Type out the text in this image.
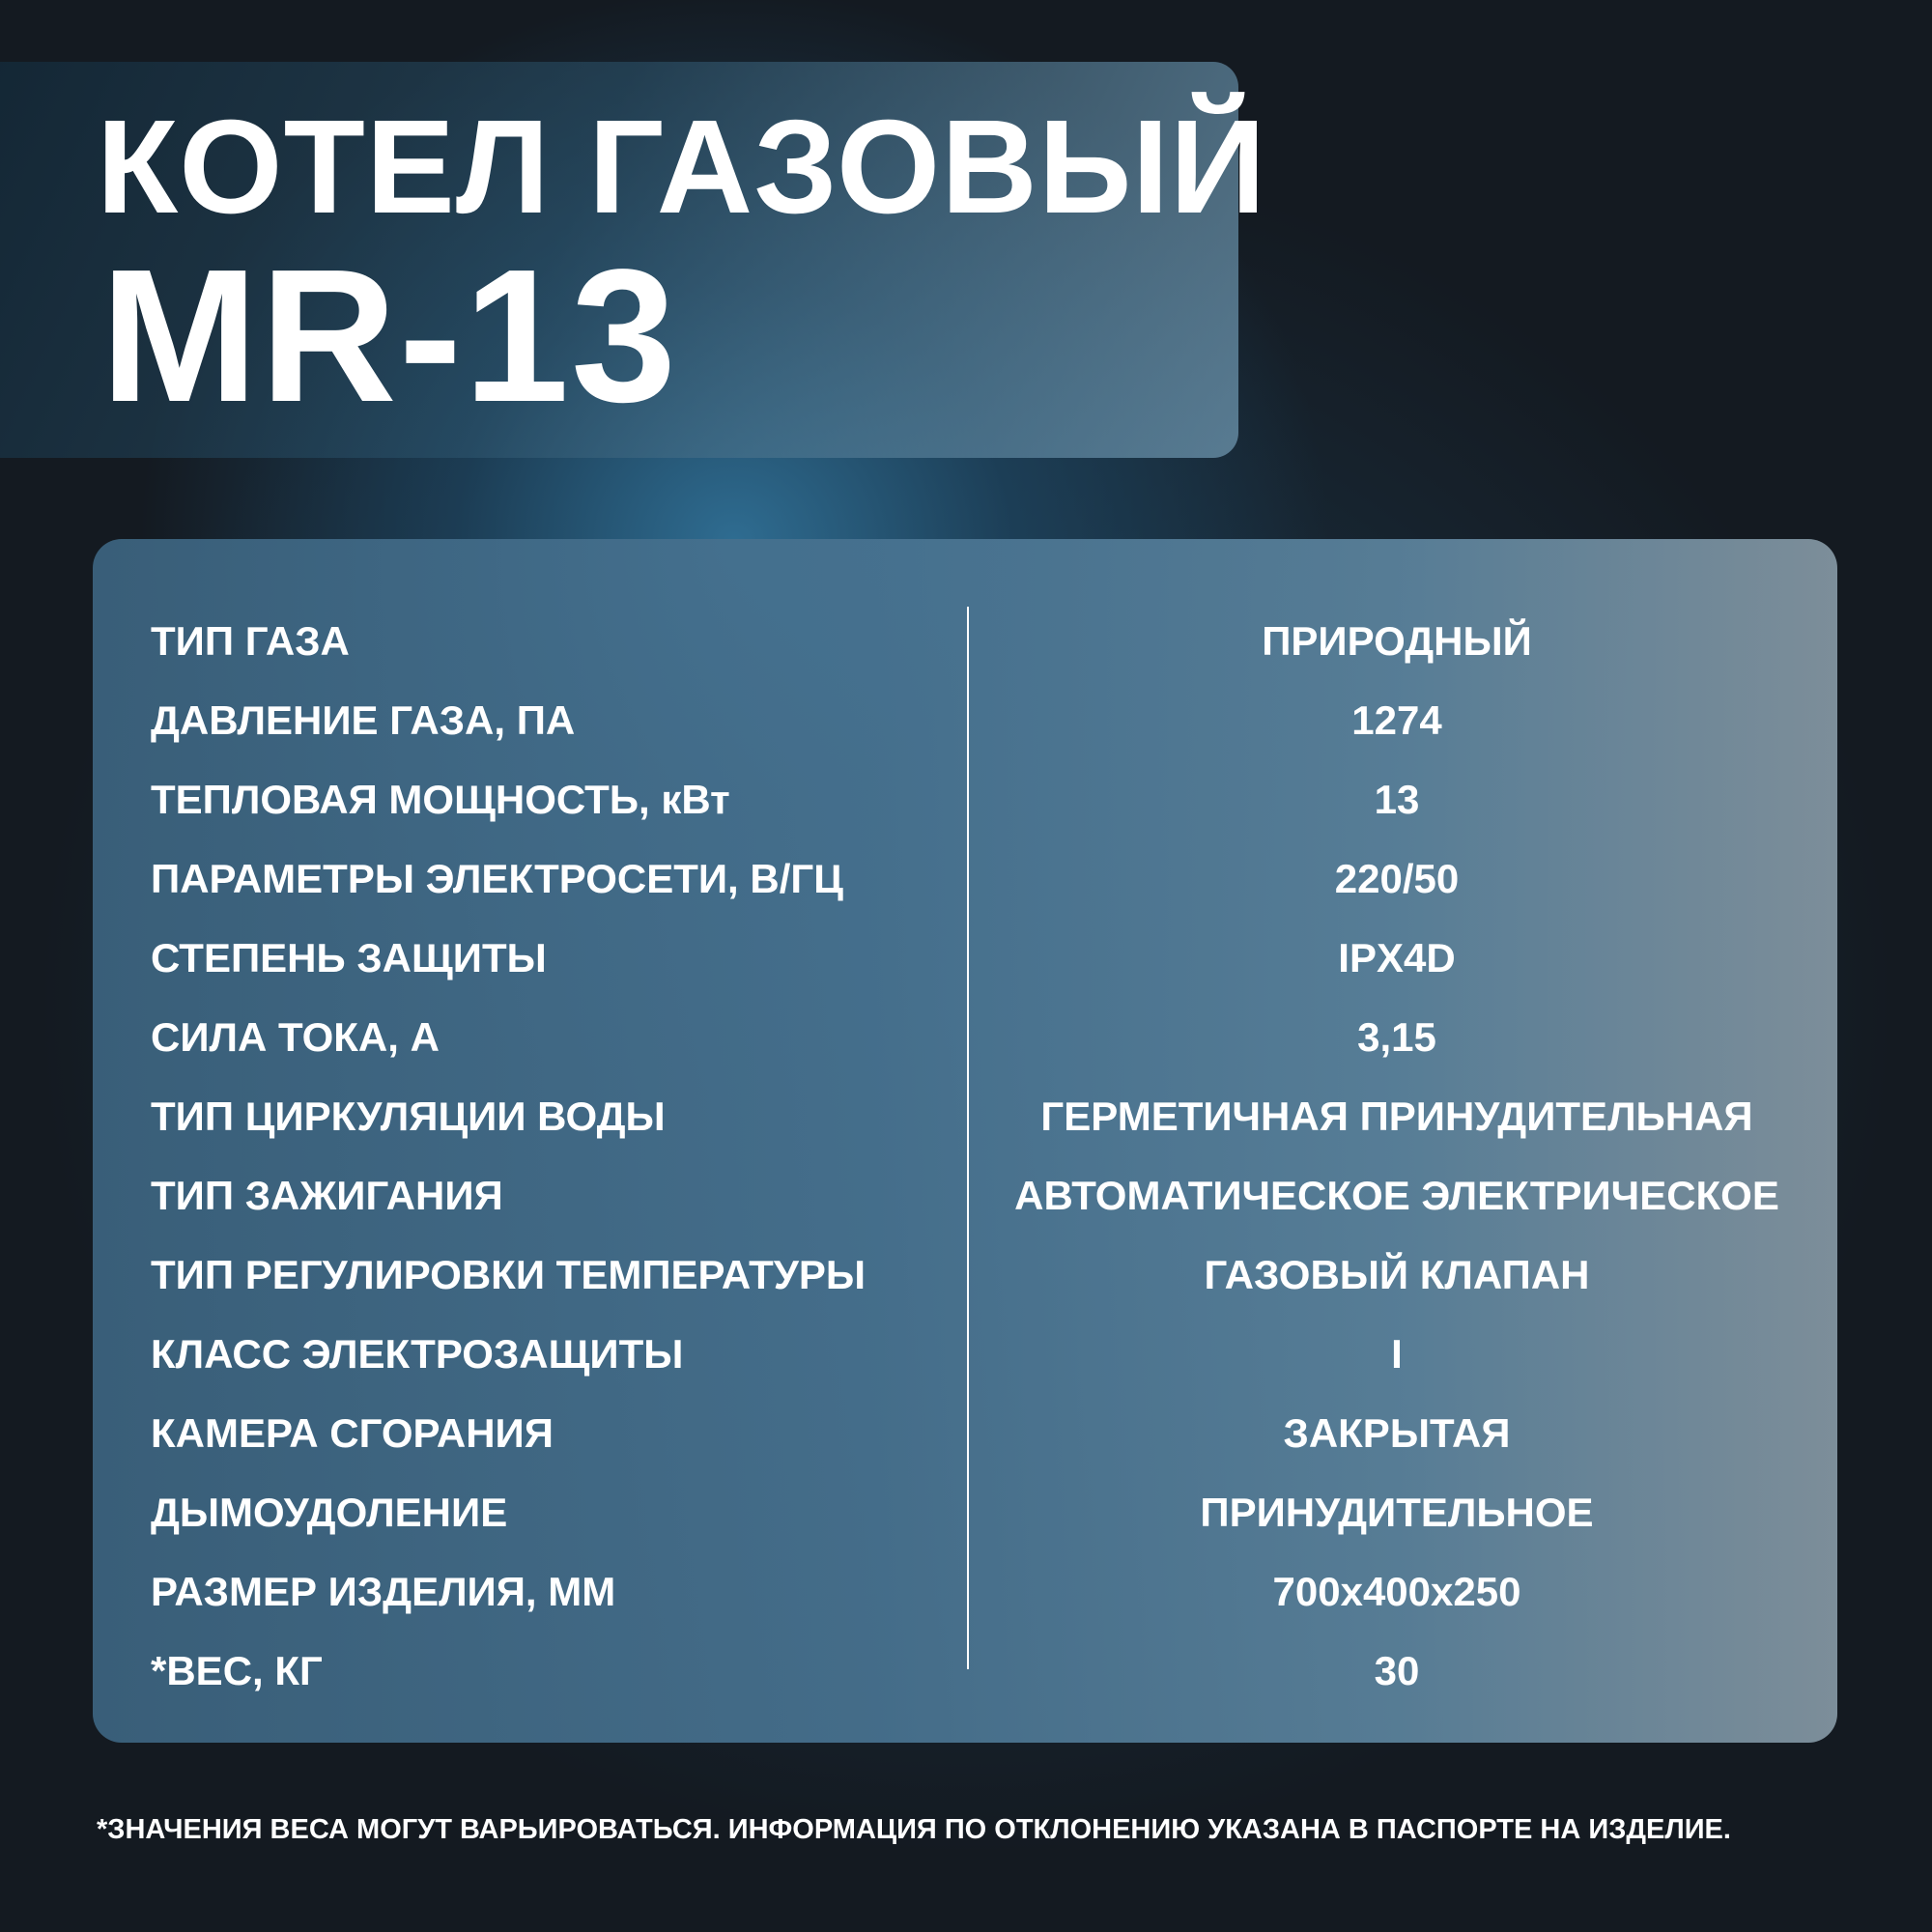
КОТЕЛ ГАЗОВЫЙ
MR-13
ТИП ГАЗА	ПРИРОДНЫЙ
ДАВЛЕНИЕ ГАЗА, ПА	1274
ТЕПЛОВАЯ МОЩНОСТЬ, кВт	13
ПАРАМЕТРЫ ЭЛЕКТРОСЕТИ, В/ГЦ	220/50
СТЕПЕНЬ ЗАЩИТЫ	IPX4D
СИЛА ТОКА, А	3,15
ТИП ЦИРКУЛЯЦИИ ВОДЫ	ГЕРМЕТИЧНАЯ ПРИНУДИТЕЛЬНАЯ
ТИП ЗАЖИГАНИЯ	АВТОМАТИЧЕСКОЕ ЭЛЕКТРИЧЕСКОЕ
ТИП РЕГУЛИРОВКИ ТЕМПЕРАТУРЫ	ГАЗОВЫЙ КЛАПАН
КЛАСС ЭЛЕКТРОЗАЩИТЫ	I
КАМЕРА СГОРАНИЯ	ЗАКРЫТАЯ
ДЫМОУДОЛЕНИЕ	ПРИНУДИТЕЛЬНОЕ
РАЗМЕР ИЗДЕЛИЯ, ММ	700х400х250
*ВЕС, КГ	30
*ЗНАЧЕНИЯ ВЕСА МОГУТ ВАРЬИРОВАТЬСЯ. ИНФОРМАЦИЯ ПО ОТКЛОНЕНИЮ УКАЗАНА В ПАСПОРТЕ НА ИЗДЕЛИЕ.
